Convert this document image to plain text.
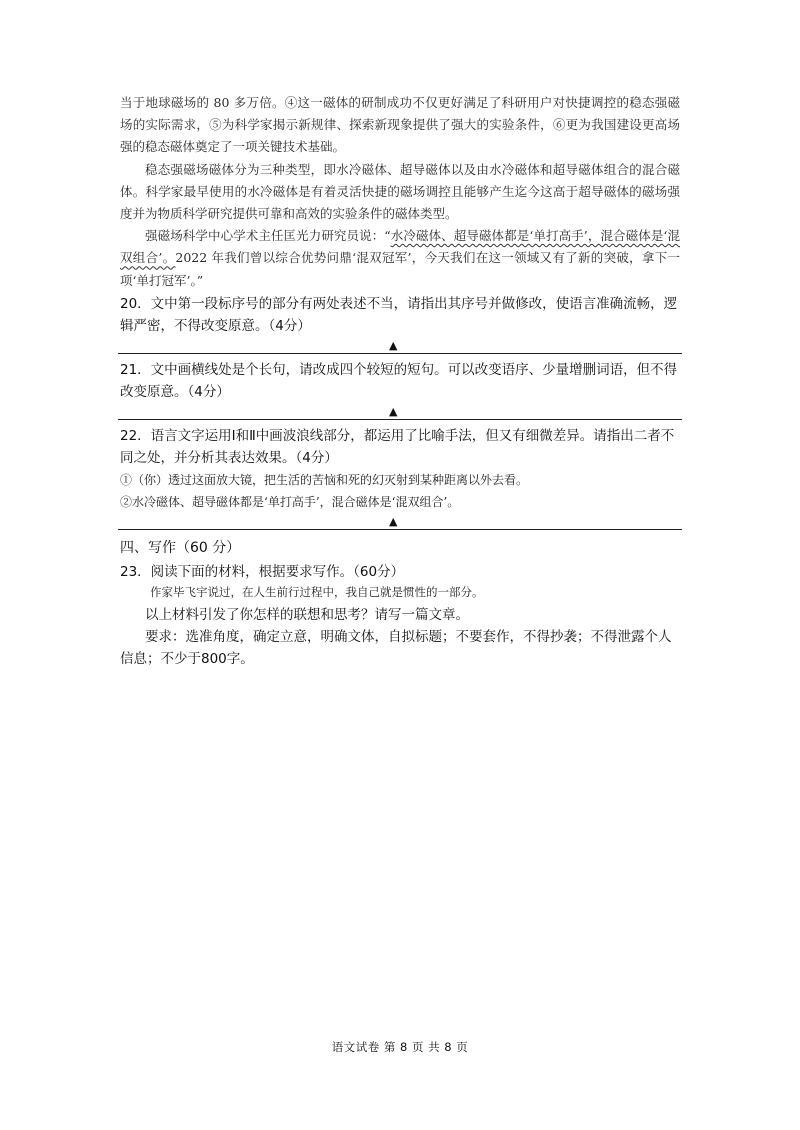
当于地球磁场的 80 多万倍。④这一磁体的研制成功不仅更好满足了科研用户对快捷调控的稳态强磁场的实际需求，⑤为科学家揭示新规律、探索新现象提供了强大的实验条件，⑥更为我国建设更高场强的稳态磁体奠定了一项关键技术基础。

稳态强磁场磁体分为三种类型，即水冷磁体、超导磁体以及由水冷磁体和超导磁体组合的混合磁体。科学家最早使用的水冷磁体是有着灵活快捷的磁场调控且能够产生迄今这高于超导磁体的磁场强度并为物质科学研究提供可靠和高效的实验条件的磁体类型。

强磁场科学中心学术主任匡光力研究员说：“水冷磁体、超导磁体都是‘单打高手’，混合磁体是‘混双组合’。2022 年我们曾以综合优势问鼎‘混双冠军’，今天我们在这一领域又有了新的突破，拿下一项‘单打冠军’。”

20．文中第一段标序号的部分有两处表述不当，请指出其序号并做修改，使语言准确流畅，逻辑严密，不得改变原意。（4分）

▲

21．文中画横线处是个长句，请改成四个较短的短句。可以改变语序、少量增删词语，但不得改变原意。（4分）

▲

22．语言文字运用Ⅰ和Ⅱ中画波浪线部分，都运用了比喻手法，但又有细微差异。请指出二者不同之处，并分析其表达效果。（4分）

①（你）透过这面放大镜，把生活的苦恼和死的幻灭射到某种距离以外去看。

②水冷磁体、超导磁体都是‘单打高手’，混合磁体是‘混双组合’。

▲

四、写作（60 分）

23．阅读下面的材料，根据要求写作。（60分）

作家毕飞宇说过，在人生前行过程中，我自己就是惯性的一部分。

以上材料引发了你怎样的联想和思考？请写一篇文章。

要求：选准角度，确定立意，明确文体，自拟标题；不要套作，不得抄袭；不得泄露个人信息；不少于800字。

语文试卷 第 8 页 共 8 页
